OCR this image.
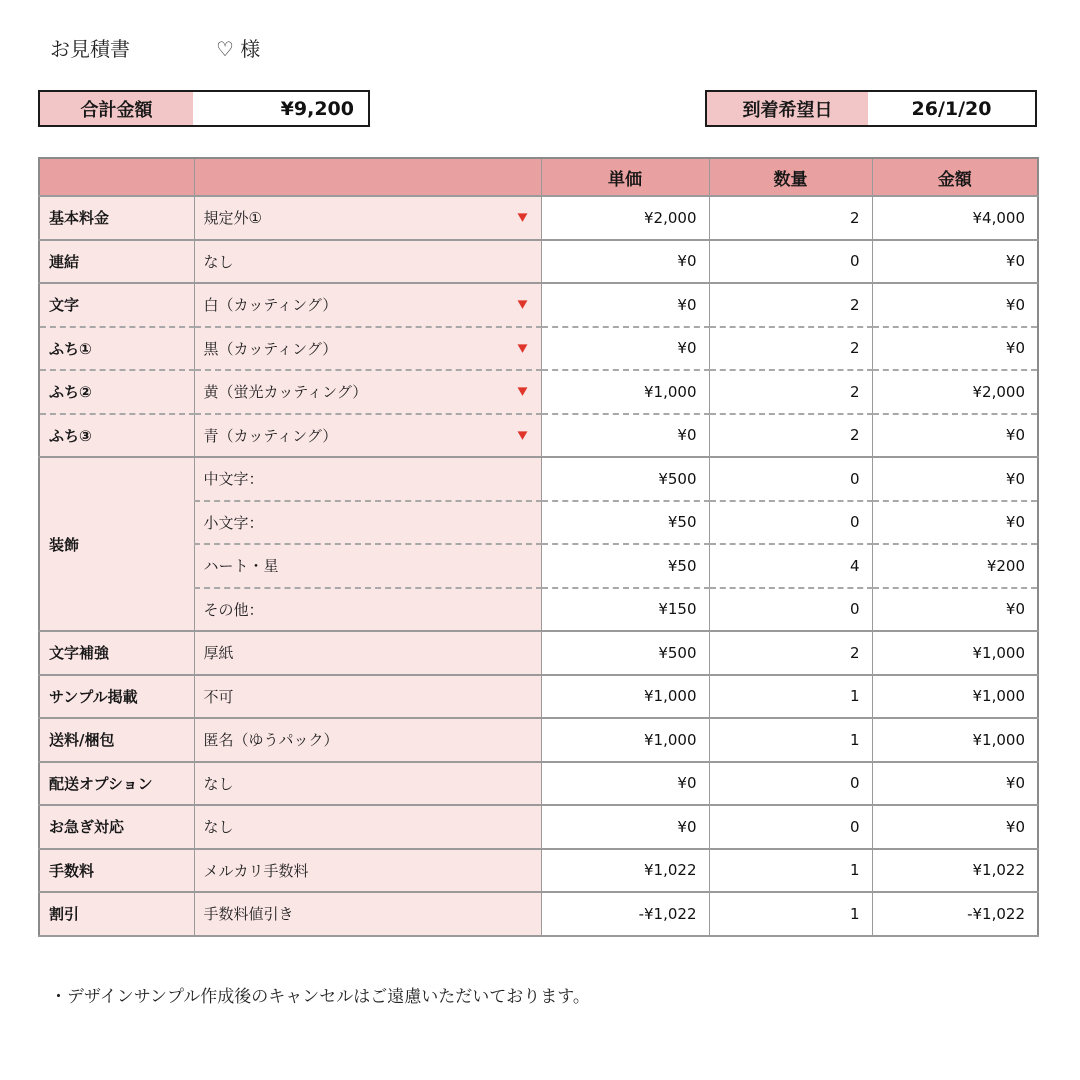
お見積書	♡ 様
合計金額	¥9,200	到着希望日	26/1/20
		単価	数量	金額
基本料金	規定外① ▼	¥2,000	2	¥4,000
連結	なし	¥0	0	¥0
文字	白（カッティング） ▼	¥0	2	¥0
ふち①	黒（カッティング） ▼	¥0	2	¥0
ふち②	黄（蛍光カッティング） ▼	¥1,000	2	¥2,000
ふち③	青（カッティング） ▼	¥0	2	¥0
装飾	中文字：	¥500	0	¥0

	小文字：	¥50	0	¥0

	ハート・星	¥50	4	¥200

	その他：	¥150	0	¥0
文字補強	厚紙	¥500	2	¥1,000
サンプル掲載	不可	¥1,000	1	¥1,000
送料/梱包	匿名（ゆうパック）	¥1,000	1	¥1,000
配送オプション	なし	¥0	0	¥0
お急ぎ対応	なし	¥0	0	¥0
手数料	メルカリ手数料	¥1,022	1	¥1,022
割引	手数料値引き	-¥1,022	1	-¥1,022
・デザインサンプル作成後のキャンセルはご遠慮いただいております。
